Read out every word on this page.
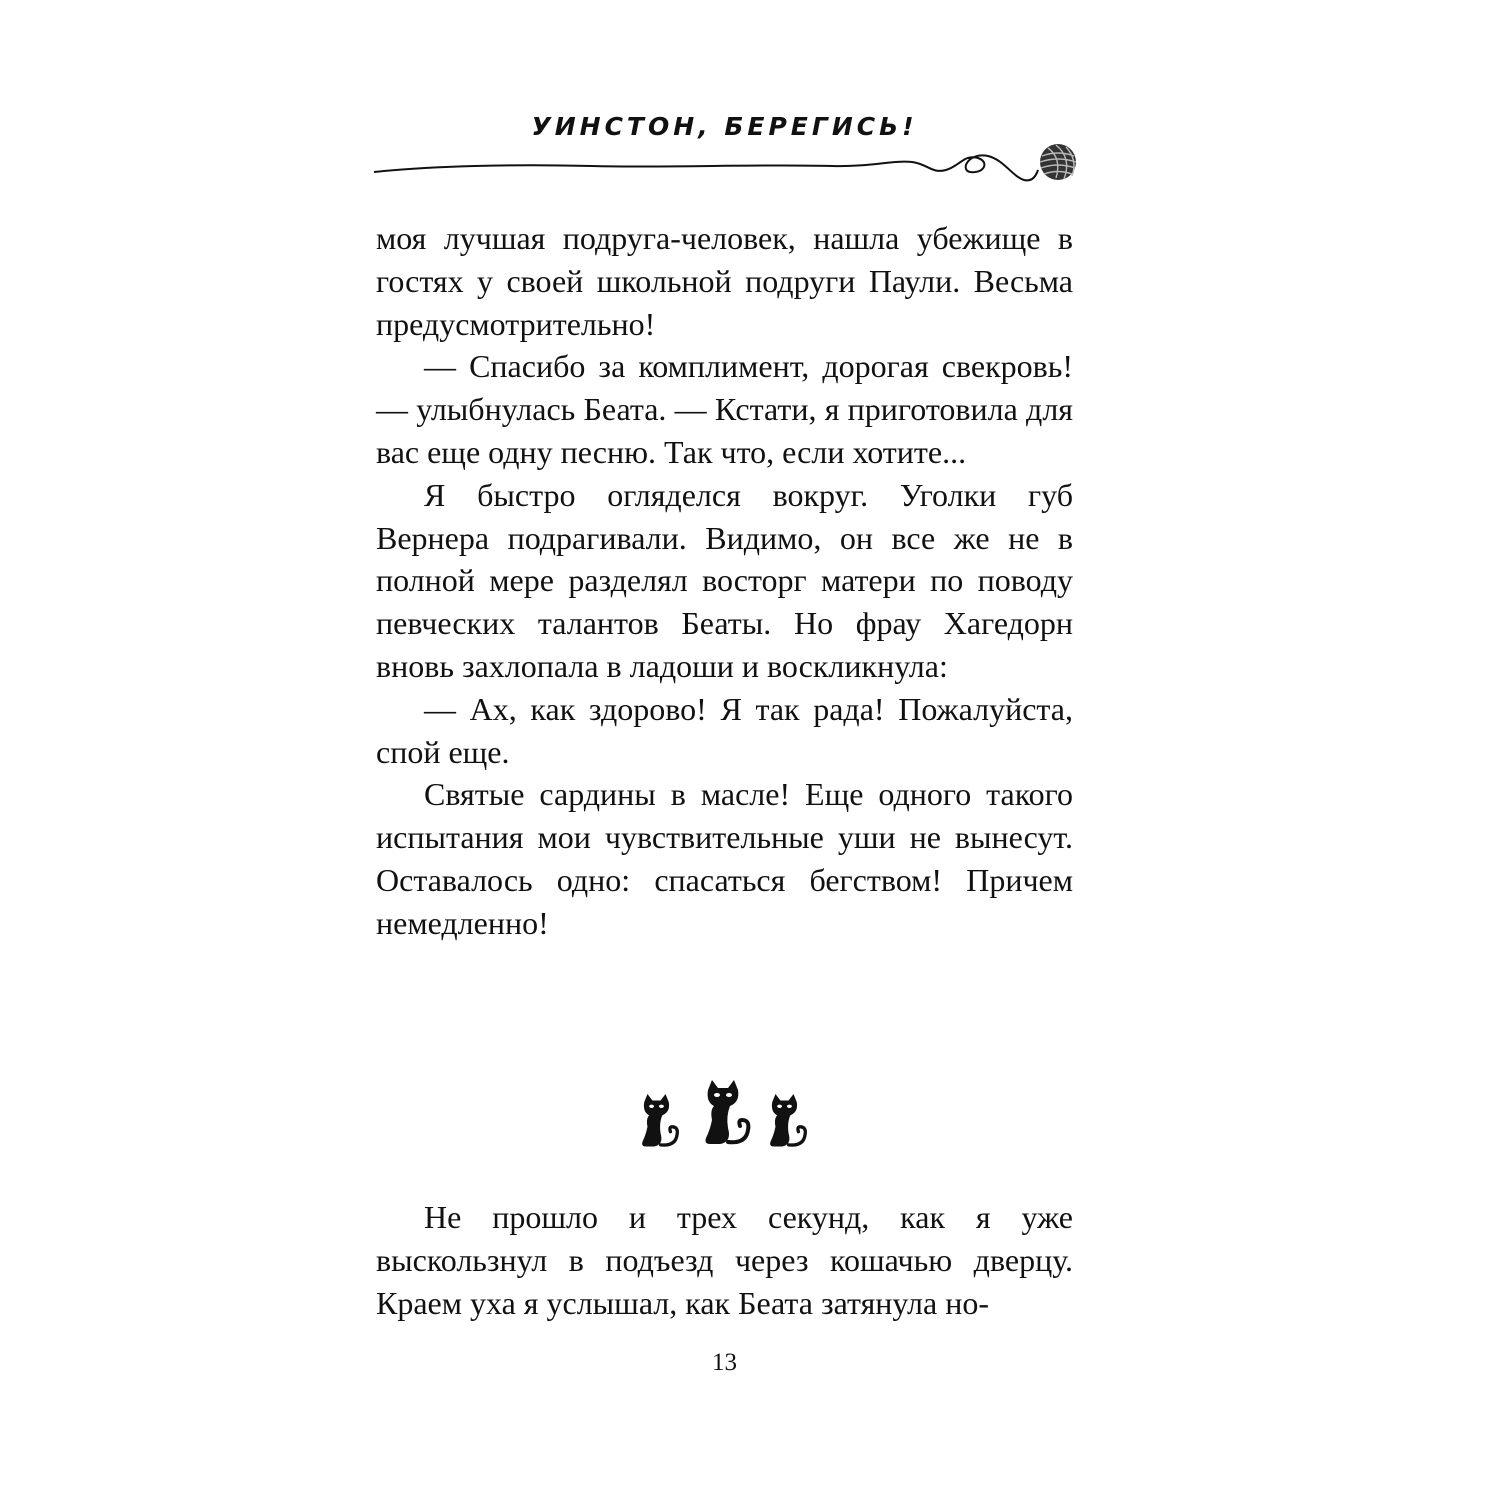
УИНСТОН, БЕРЕГИСЬ!

моя лучшая подруга-человек, нашла убежище в гостях у своей школьной подруги Паули. Весьма предусмотрительно!

— Спасибо за комплимент, дорогая свекровь! — улыбнулась Беата. — Кстати, я приготовила для вас еще одну песню. Так что, если хотите...

Я быстро огляделся вокруг. Уголки губ Вернера подрагивали. Видимо, он все же не в полной мере разделял восторг матери по поводу певческих талантов Беаты. Но фрау Хагедорн вновь захлопала в ладоши и воскликнула:

— Ах, как здорово! Я так рада! Пожалуйста, спой еще.

Святые сардины в масле! Еще одного такого испытания мои чувствительные уши не вынесут. Оставалось одно: спасаться бегством! Причем немедленно!

Не прошло и трех секунд, как я уже выскользнул в подъезд через кошачью дверцу. Краем уха я услышал, как Беата затянула но-

13
